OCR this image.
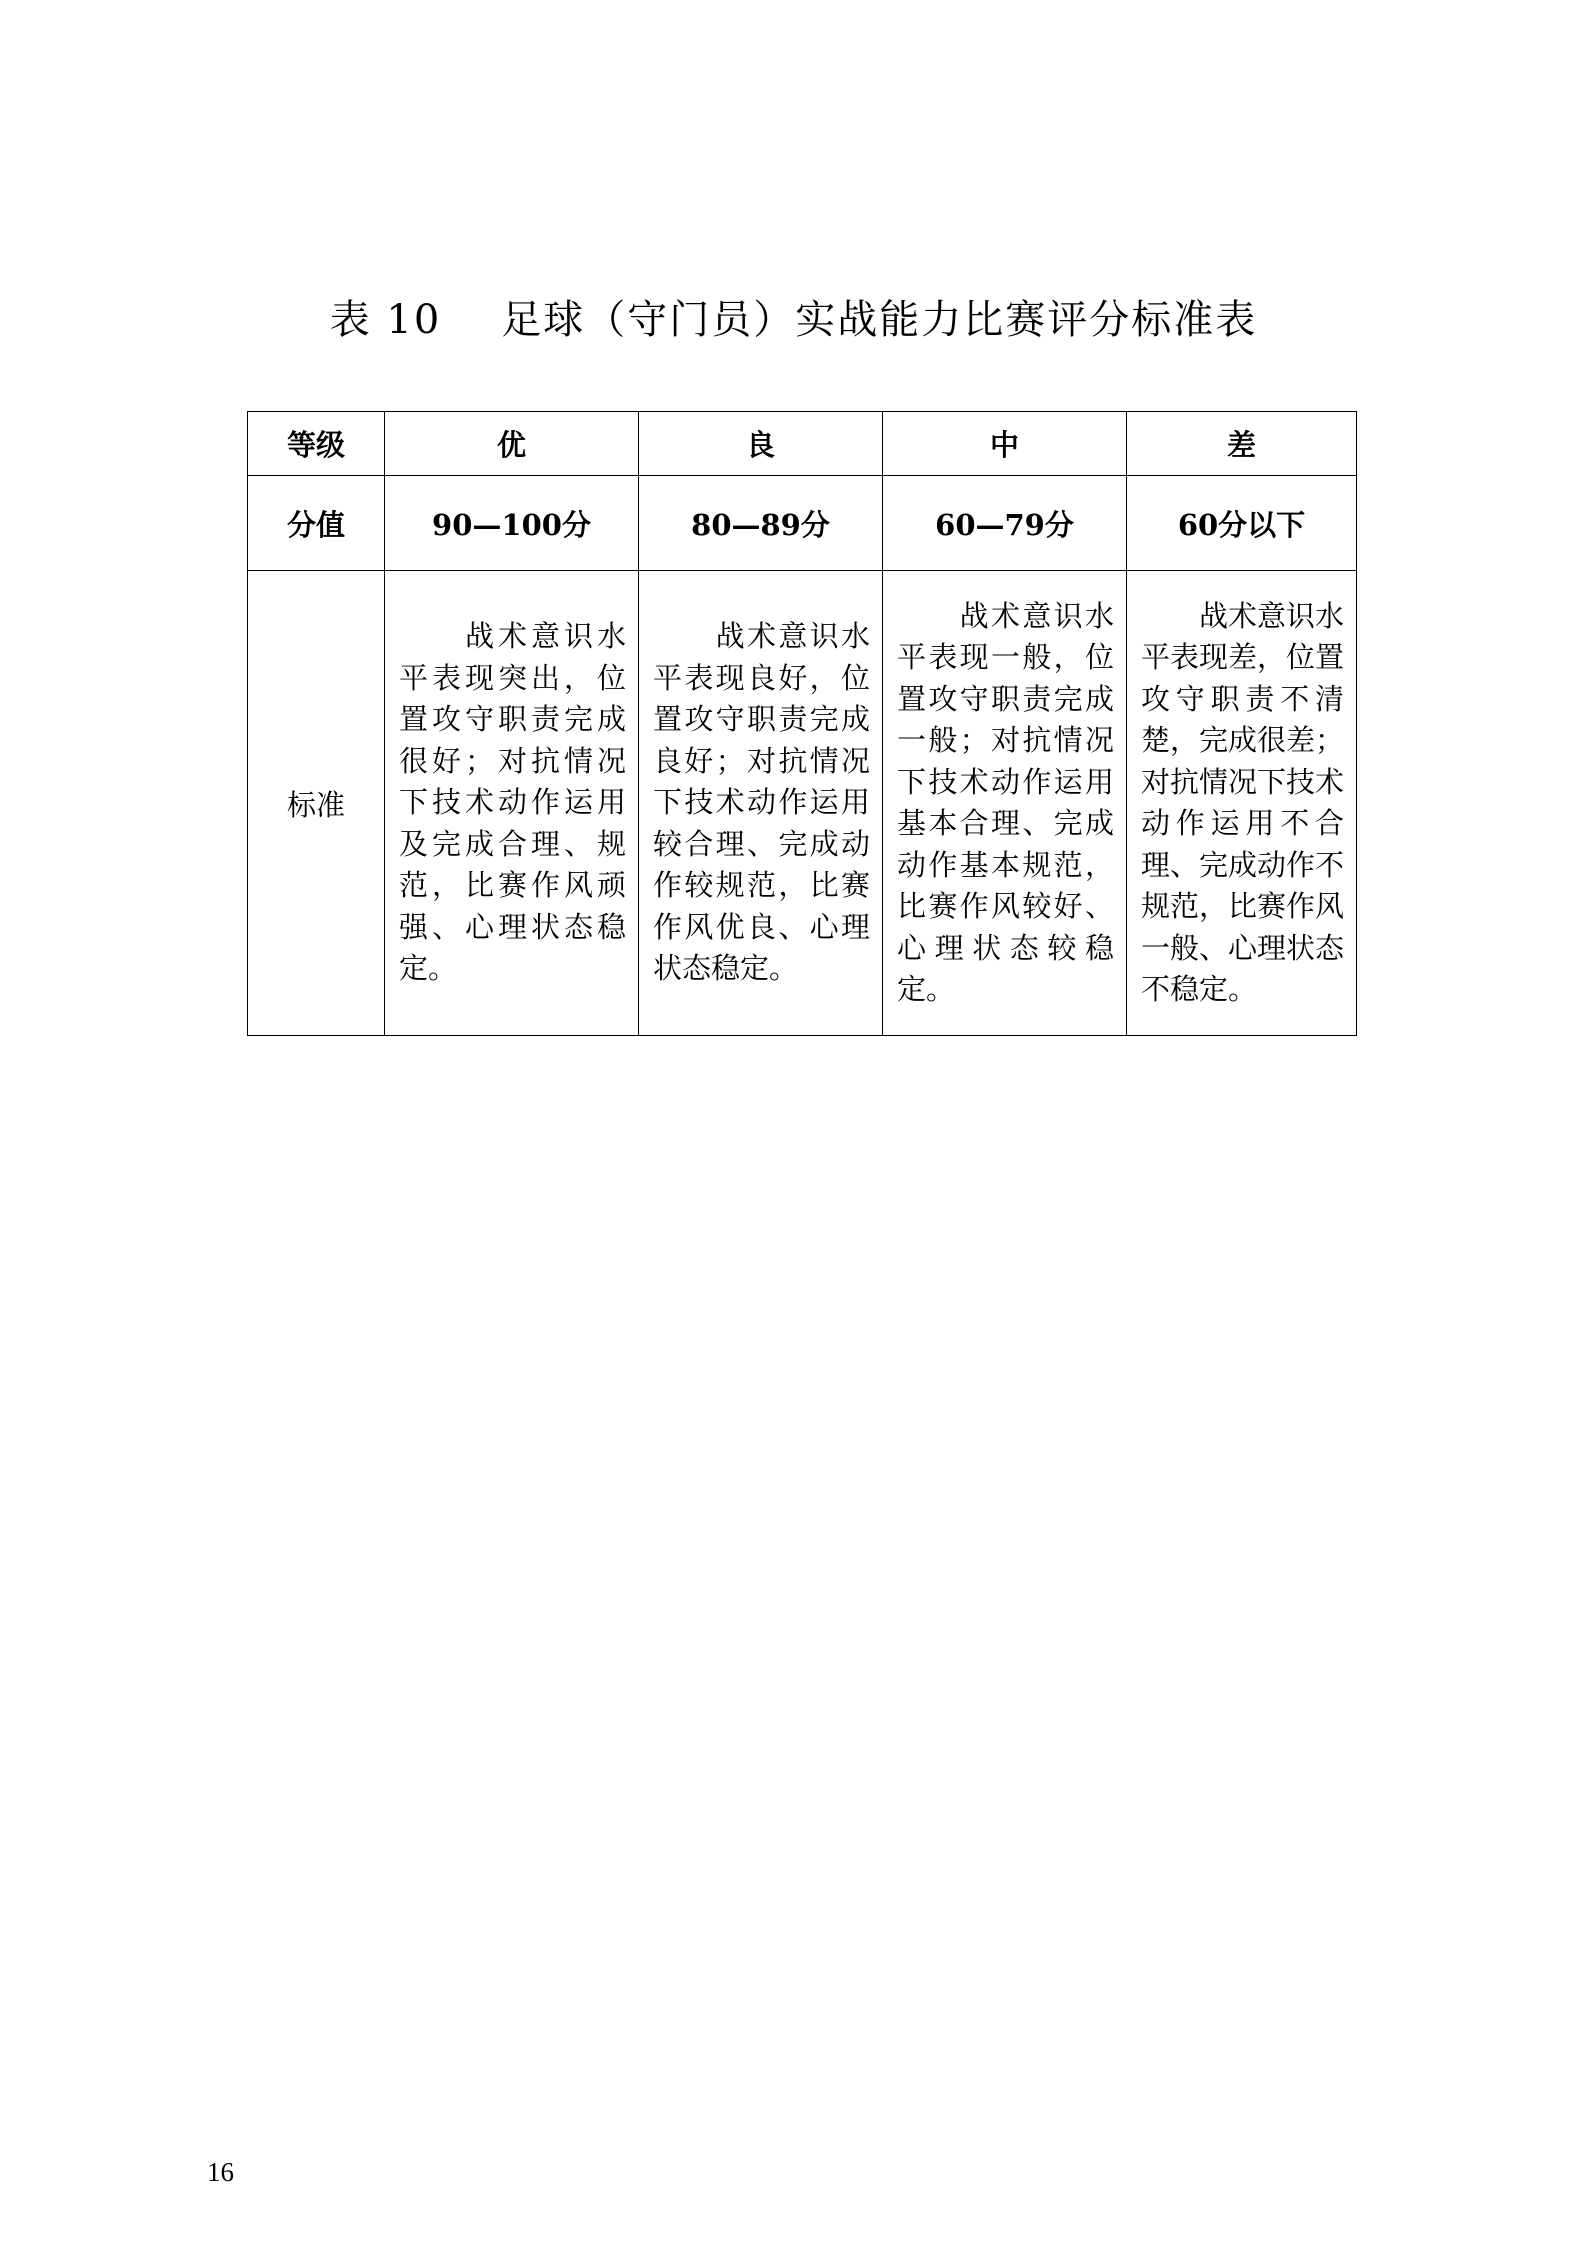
表 10 足球（守门员）实战能力比赛评分标准表
等级	优	良	中	差
分值	90—100分	80—89分	60—79分	60分以下
标准	　　战术意识水平表现突出，位置攻守职责完成很好；对抗情况下技术动作运用及完成合理、规范，比赛作风顽强、心理状态稳定。	　　战术意识水平表现良好，位置攻守职责完成良好；对抗情况下技术动作运用较合理、完成动作较规范，比赛作风优良、心理状态稳定。	　　战术意识水平表现一般，位置攻守职责完成一般；对抗情况下技术动作运用基本合理、完成动作基本规范，比赛作风较好、心理状态较稳定。	　　战术意识水平表现差，位置攻守职责不清楚，完成很差；对抗情况下技术动作运用不合理、完成动作不规范，比赛作风一般、心理状态不稳定。
16
